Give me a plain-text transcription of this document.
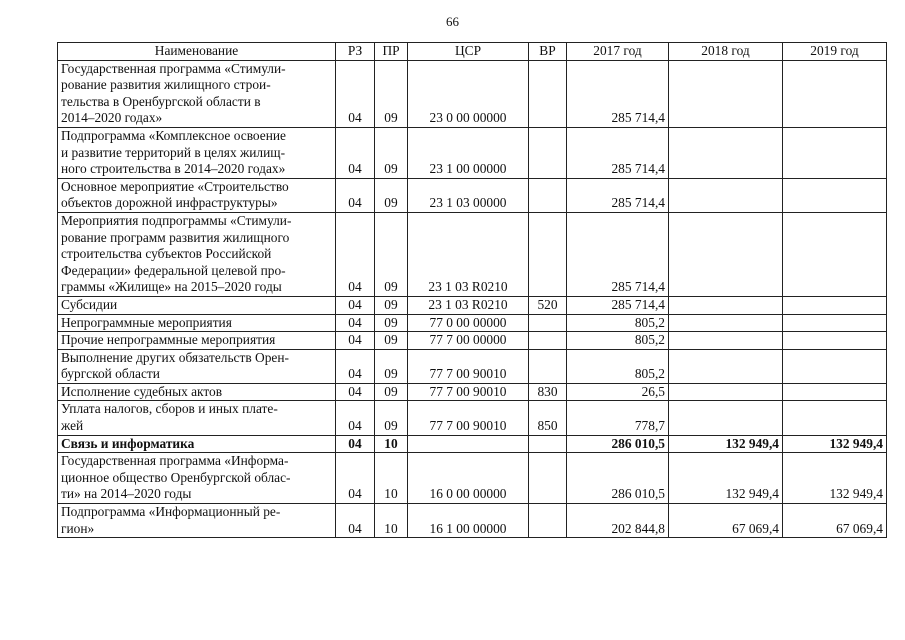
66
Наименование	РЗ	ПР	ЦСР	ВР	2017 год	2018 год	2019 год
Государственная программа «Стимули-
рование развития жилищного строи-
тельства в Оренбургской области в
2014–2020 годах»	04	09	23 0 00 00000		285 714,4		
Подпрограмма «Комплексное освоение
и развитие территорий в целях жилищ-
ного строительства в 2014–2020 годах»	04	09	23 1 00 00000		285 714,4		
Основное мероприятие «Строительство
объектов дорожной инфраструктуры»	04	09	23 1 03 00000		285 714,4		
Мероприятия подпрограммы «Стимули-
рование программ развития жилищного
строительства субъектов Российской
Федерации» федеральной целевой про-
граммы «Жилище» на 2015–2020 годы	04	09	23 1 03 R0210		285 714,4		
Субсидии	04	09	23 1 03 R0210	520	285 714,4		
Непрограммные мероприятия	04	09	77 0 00 00000		805,2		
Прочие непрограммные мероприятия	04	09	77 7 00 00000		805,2		
Выполнение других обязательств Орен-
бургской области	04	09	77 7 00 90010		805,2		
Исполнение судебных актов	04	09	77 7 00 90010	830	26,5		
Уплата налогов, сборов и иных плате-
жей	04	09	77 7 00 90010	850	778,7		
Связь и информатика	04	10			286 010,5	132 949,4	132 949,4
Государственная программа «Информа-
ционное общество Оренбургской облас-
ти» на 2014–2020 годы	04	10	16 0 00 00000		286 010,5	132 949,4	132 949,4
Подпрограмма «Информационный ре-
гион»	04	10	16 1 00 00000		202 844,8	67 069,4	67 069,4
